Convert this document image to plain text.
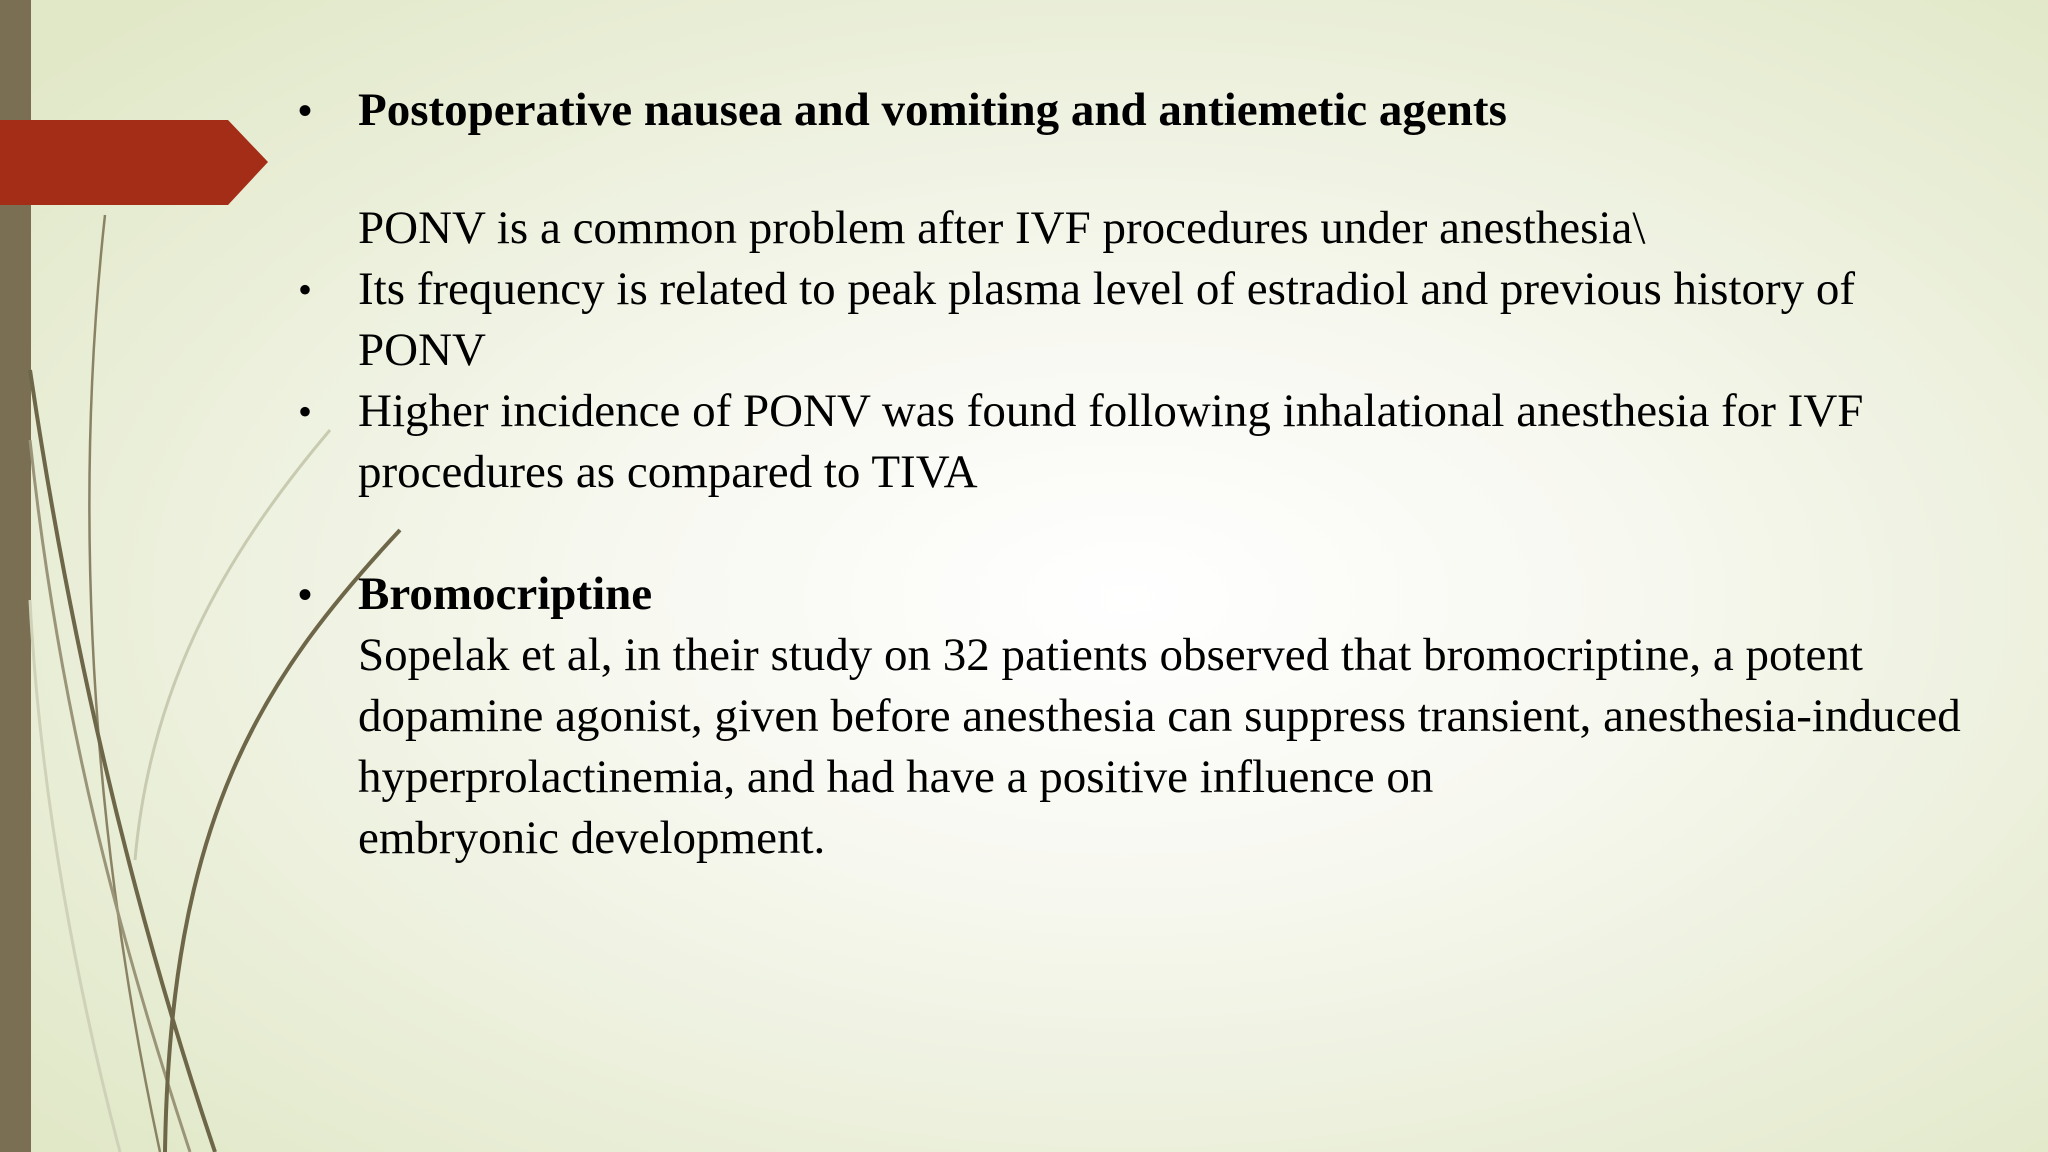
• Postoperative nausea and vomiting and antiemetic agents
PONV is a common problem after IVF procedures under anesthesia\
• Its frequency is related to peak plasma level of estradiol and previous history of PONV
• Higher incidence of PONV was found following inhalational anesthesia for IVF procedures as compared to TIVA
• Bromocriptine
Sopelak et al, in their study on 32 patients observed that bromocriptine, a potent dopamine agonist, given before anesthesia can suppress transient, anesthesia-induced hyperprolactinemia, and had have a positive influence on
embryonic development.
